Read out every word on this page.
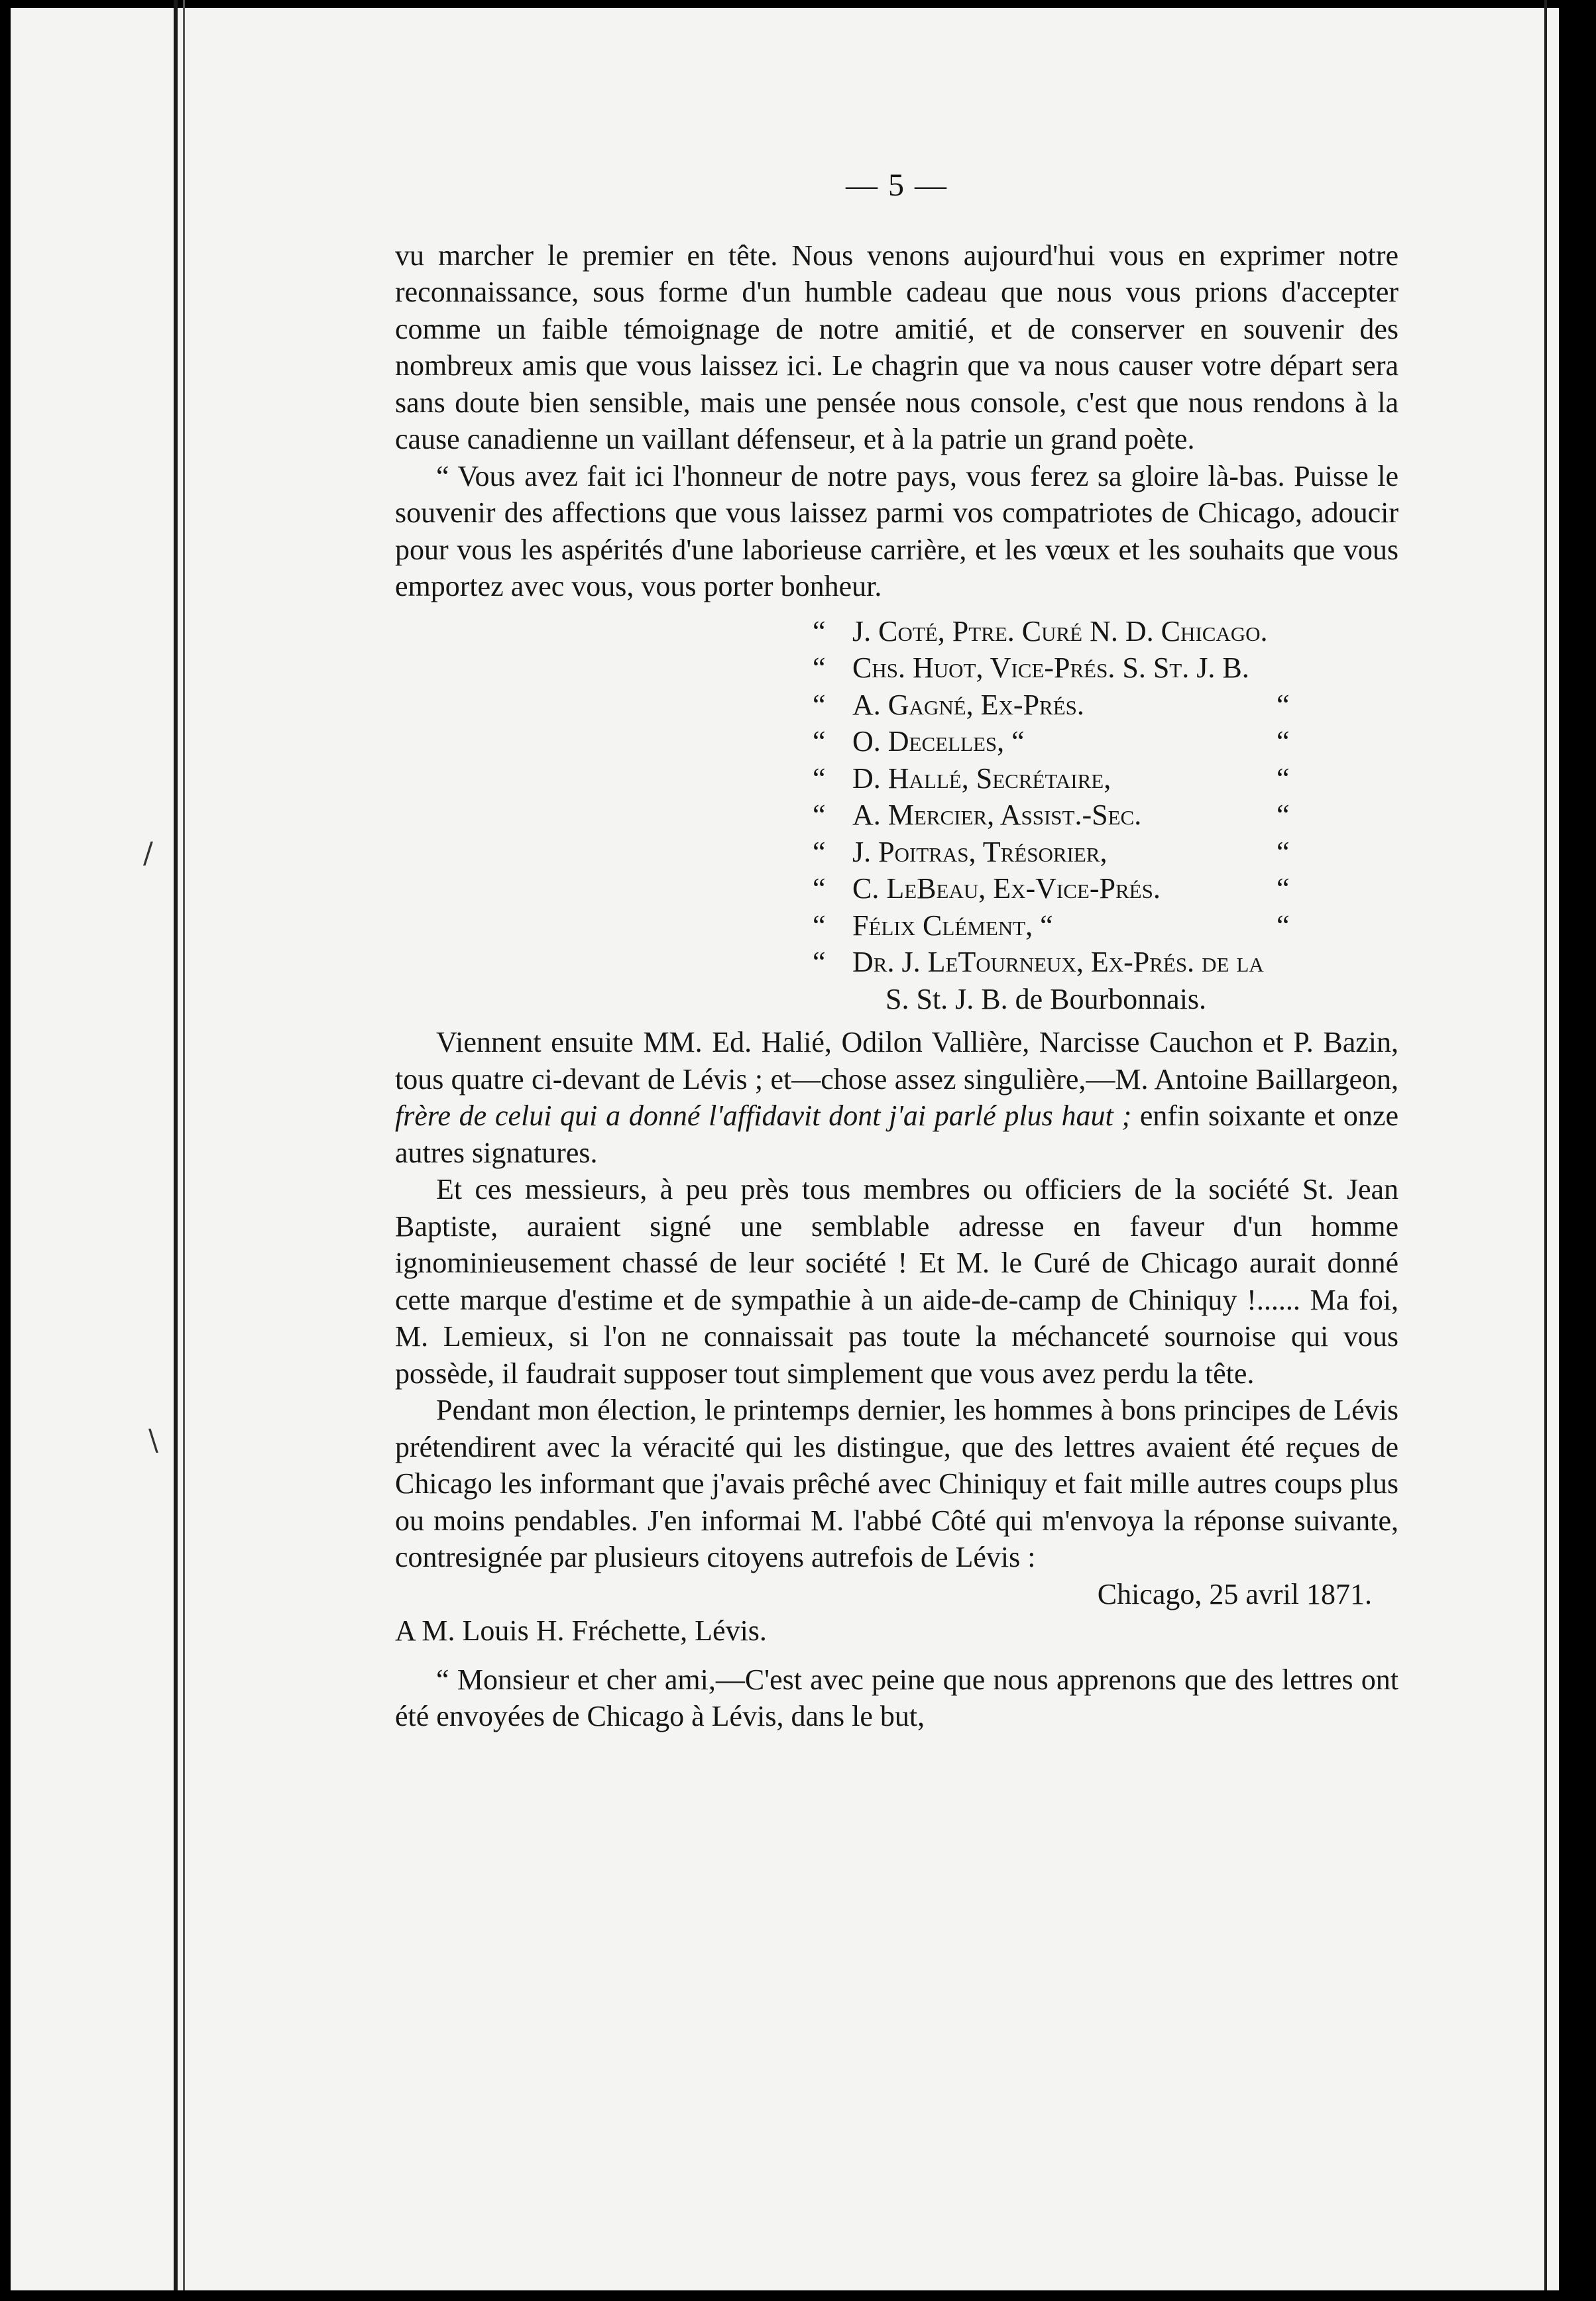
/
\
— 5 —

vu marcher le premier en tête. Nous venons aujourd'hui vous en exprimer notre reconnaissance, sous forme d'un humble cadeau que nous vous prions d'accepter comme un faible témoignage de notre amitié, et de conserver en souvenir des nombreux amis que vous laissez ici. Le chagrin que va nous causer votre départ sera sans doute bien sensible, mais une pensée nous console, c'est que nous rendons à la cause canadienne un vaillant défenseur, et à la patrie un grand poète.

“ Vous avez fait ici l'honneur de notre pays, vous ferez sa gloire là-bas. Puisse le souvenir des affections que vous laissez parmi vos compatriotes de Chicago, adoucir pour vous les aspérités d'une laborieuse carrière, et les vœux et les souhaits que vous emportez avec vous, vous porter bonheur.

“ J. Coté, Ptre. Curé N. D. Chicago.
“ Chs. Huot, Vice-Prés. S. St. J. B.
“ A. Gagné, Ex-Prés.	“
“ O. Decelles, “	“
“ D. Hallé, Secrétaire,	“
“ A. Mercier, Assist.-Sec.	“
“ J. Poitras, Trésorier,	“
“ C. LeBeau, Ex-Vice-Prés.	“
“ Félix Clément, “	“
“ Dr. J. LeTourneux, Ex-Prés. de la
S. St. J. B. de Bourbonnais.

Viennent ensuite MM. Ed. Halié, Odilon Vallière, Narcisse Cauchon et P. Bazin, tous quatre ci-devant de Lévis ; et—chose assez singulière,—M. Antoine Baillargeon, frère de celui qui a donné l'affidavit dont j'ai parlé plus haut ; enfin soixante et onze autres signatures.

Et ces messieurs, à peu près tous membres ou officiers de la société St. Jean Baptiste, auraient signé une semblable adresse en faveur d'un homme ignominieusement chassé de leur société ! Et M. le Curé de Chicago aurait donné cette marque d'estime et de sympathie à un aide-de-camp de Chiniquy !...... Ma foi, M. Lemieux, si l'on ne connaissait pas toute la méchanceté sournoise qui vous possède, il faudrait supposer tout simplement que vous avez perdu la tête.

Pendant mon élection, le printemps dernier, les hommes à bons principes de Lévis prétendirent avec la véracité qui les distingue, que des lettres avaient été reçues de Chicago les informant que j'avais prêché avec Chiniquy et fait mille autres coups plus ou moins pendables. J'en informai M. l'abbé Côté qui m'envoya la réponse suivante, contresignée par plusieurs citoyens autrefois de Lévis :

Chicago, 25 avril 1871.

A M. Louis H. Fréchette, Lévis.

“ Monsieur et cher ami,—C'est avec peine que nous apprenons que des lettres ont été envoyées de Chicago à Lévis, dans le but,
